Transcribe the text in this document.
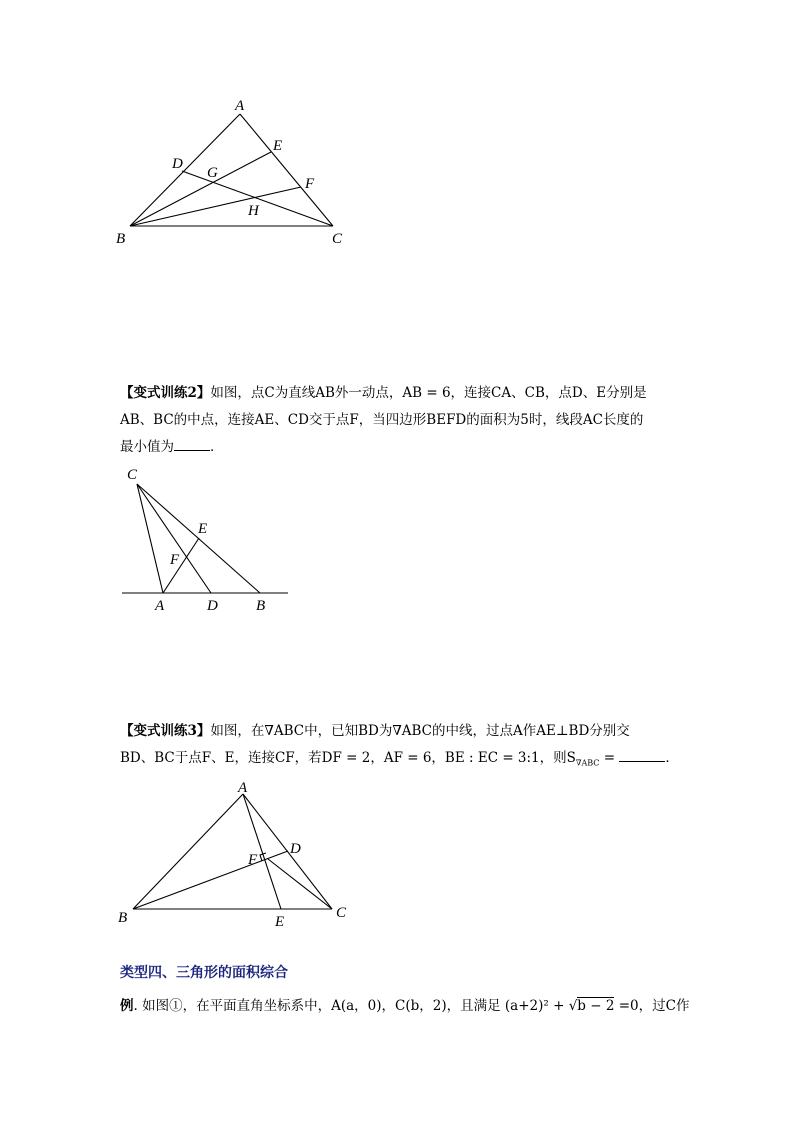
A
B	C
D
E
F
G
H
【变式训练2】如图，点C为直线AB外一动点，AB = 6，连接CA、CB，点D、E分别是
AB、BC的中点，连接AE、CD交于点F，当四边形BEFD的面积为5时，线段AC长度的
最小值为	．
C
E
F
A	D	B
【变式训练3】如图，在∇ABC中，已知BD为∇ABC的中线，过点A作AE⊥BD分别交
BD、BC于点F、E，连接CF，若DF = 2，AF = 6，BE : EC = 3:1，则$S_{\nabla ABC}$ =	．
A
D
F
B	E
C
类型四、三角形的面积综合
例. 如图①，在平面直角坐标系中，A(a，0)，C(b，2)，且满足 (a+2)² + √b − 2 =0，过C作
